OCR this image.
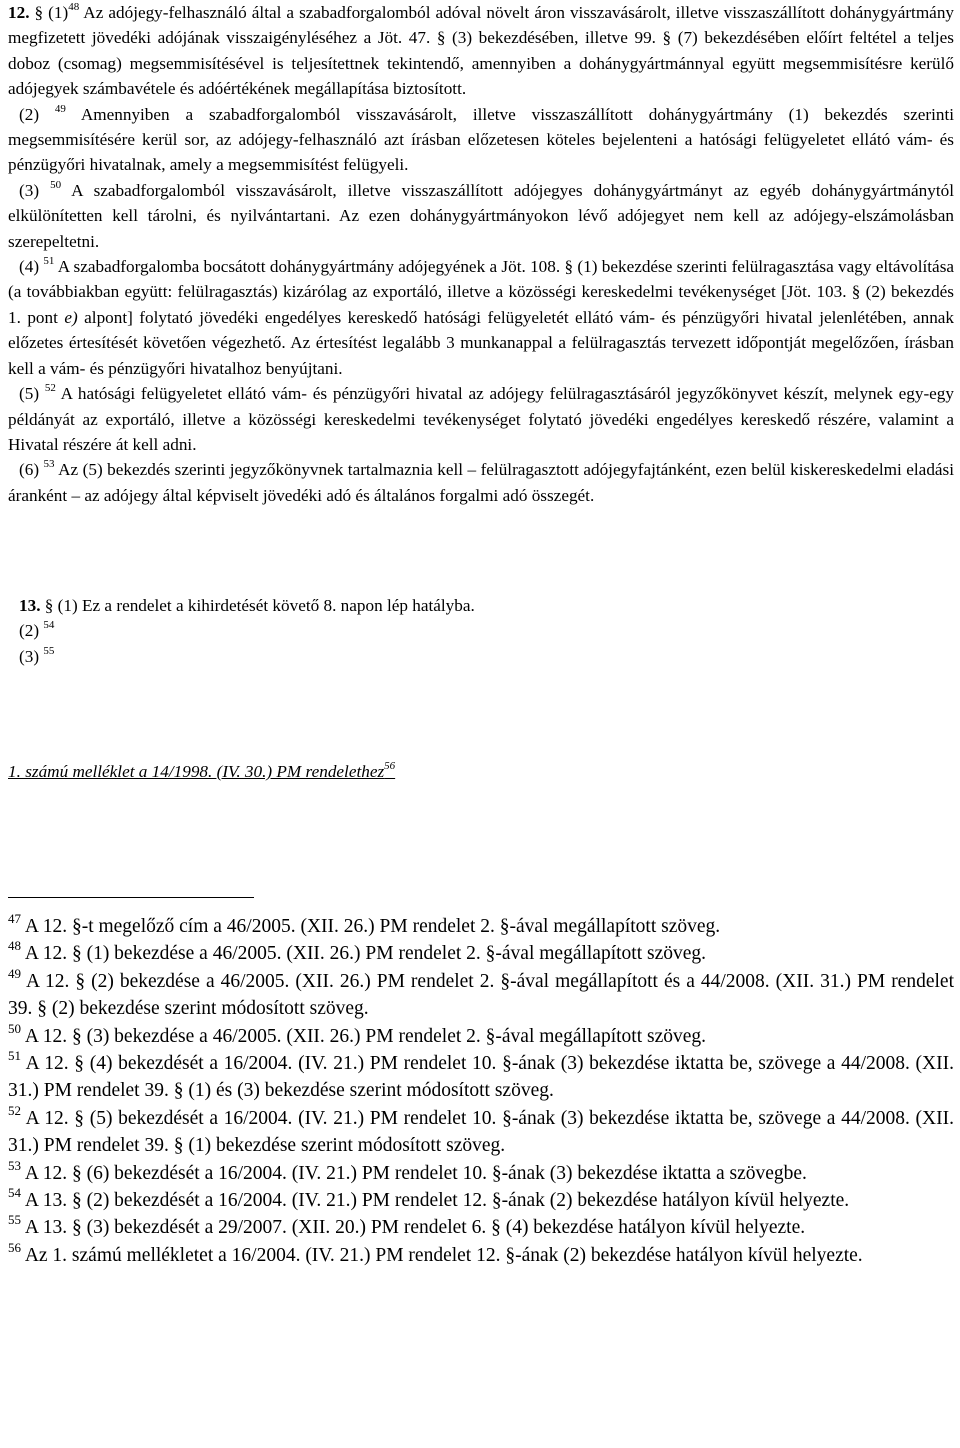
12. § $(1)^{48}$ Az adójegy-felhasználó által a szabadforgalomból adóval növelt áron visszavásárolt, illetve visszaszállított dohánygyártmány megfizetett jövedéki adójának visszaigényléséhez a Jöt. 47. § (3) bekezdésében, illetve 99. § (7) bekezdésében előírt feltétel a teljes doboz (csomag) megsemmisítésével is teljesítettnek tekintendő, amennyiben a dohánygyártmánnyal együtt megsemmisítésre kerülő adójegyek számbavétele és adóértékének megállapítása biztosított.

(2) $^{49}$ Amennyiben a szabadforgalomból visszavásárolt, illetve visszaszállított dohánygyártmány (1) bekezdés szerinti megsemmisítésére kerül sor, az adójegy-felhasználó azt írásban előzetesen köteles bejelenteni a hatósági felügyeletet ellátó vám- és pénzügyőri hivatalnak, amely a megsemmisítést felügyeli.

(3) $^{50}$ A szabadforgalomból visszavásárolt, illetve visszaszállított adójegyes dohánygyártmányt az egyéb dohánygyártmánytól elkülönítetten kell tárolni, és nyilvántartani. Az ezen dohánygyártmányokon lévő adójegyet nem kell az adójegy-elszámolásban szerepeltetni.

(4) $^{51}$ A szabadforgalomba bocsátott dohánygyártmány adójegyének a Jöt. 108. § (1) bekezdése szerinti felülragasztása vagy eltávolítása (a továbbiakban együtt: felülragasztás) kizárólag az exportáló, illetve a közösségi kereskedelmi tevékenységet [Jöt. 103. § (2) bekezdés 1. pont e) alpont] folytató jövedéki engedélyes kereskedő hatósági felügyeletét ellátó vám- és pénzügyőri hivatal jelenlétében, annak előzetes értesítését követően végezhető. Az értesítést legalább 3 munkanappal a felülragasztás tervezett időpontját megelőzően, írásban kell a vám- és pénzügyőri hivatalhoz benyújtani.

(5) $^{52}$ A hatósági felügyeletet ellátó vám- és pénzügyőri hivatal az adójegy felülragasztásáról jegyzőkönyvet készít, melynek egy-egy példányát az exportáló, illetve a közösségi kereskedelmi tevékenységet folytató jövedéki engedélyes kereskedő részére, valamint a Hivatal részére át kell adni.

(6) $^{53}$ Az (5) bekezdés szerinti jegyzőkönyvnek tartalmaznia kell – felülragasztott adójegyfajtánként, ezen belül kiskereskedelmi eladási áranként – az adójegy által képviselt jövedéki adó és általános forgalmi adó összegét.

13. § (1) Ez a rendelet a kihirdetését követő 8. napon lép hatályba.

(2) $^{54}$

(3) $^{55}$

1. számú melléklet a 14/1998. (IV. 30.) PM rendelethez$^{56}$

$^{47}$ A 12. §-t megelőző cím a 46/2005. (XII. 26.) PM rendelet 2. §-ával megállapított szöveg.

$^{48}$ A 12. § (1) bekezdése a 46/2005. (XII. 26.) PM rendelet 2. §-ával megállapított szöveg.

$^{49}$ A 12. § (2) bekezdése a 46/2005. (XII. 26.) PM rendelet 2. §-ával megállapított és a 44/2008. (XII. 31.) PM rendelet 39. § (2) bekezdése szerint módosított szöveg.

$^{50}$ A 12. § (3) bekezdése a 46/2005. (XII. 26.) PM rendelet 2. §-ával megállapított szöveg.

$^{51}$ A 12. § (4) bekezdését a 16/2004. (IV. 21.) PM rendelet 10. §-ának (3) bekezdése iktatta be, szövege a 44/2008. (XII. 31.) PM rendelet 39. § (1) és (3) bekezdése szerint módosított szöveg.

$^{52}$ A 12. § (5) bekezdését a 16/2004. (IV. 21.) PM rendelet 10. §-ának (3) bekezdése iktatta be, szövege a 44/2008. (XII. 31.) PM rendelet 39. § (1) bekezdése szerint módosított szöveg.

$^{53}$ A 12. § (6) bekezdését a 16/2004. (IV. 21.) PM rendelet 10. §-ának (3) bekezdése iktatta a szövegbe.

$^{54}$ A 13. § (2) bekezdését a 16/2004. (IV. 21.) PM rendelet 12. §-ának (2) bekezdése hatályon kívül helyezte.

$^{55}$ A 13. § (3) bekezdését a 29/2007. (XII. 20.) PM rendelet 6. § (4) bekezdése hatályon kívül helyezte.

$^{56}$ Az 1. számú mellékletet a 16/2004. (IV. 21.) PM rendelet 12. §-ának (2) bekezdése hatályon kívül helyezte.
